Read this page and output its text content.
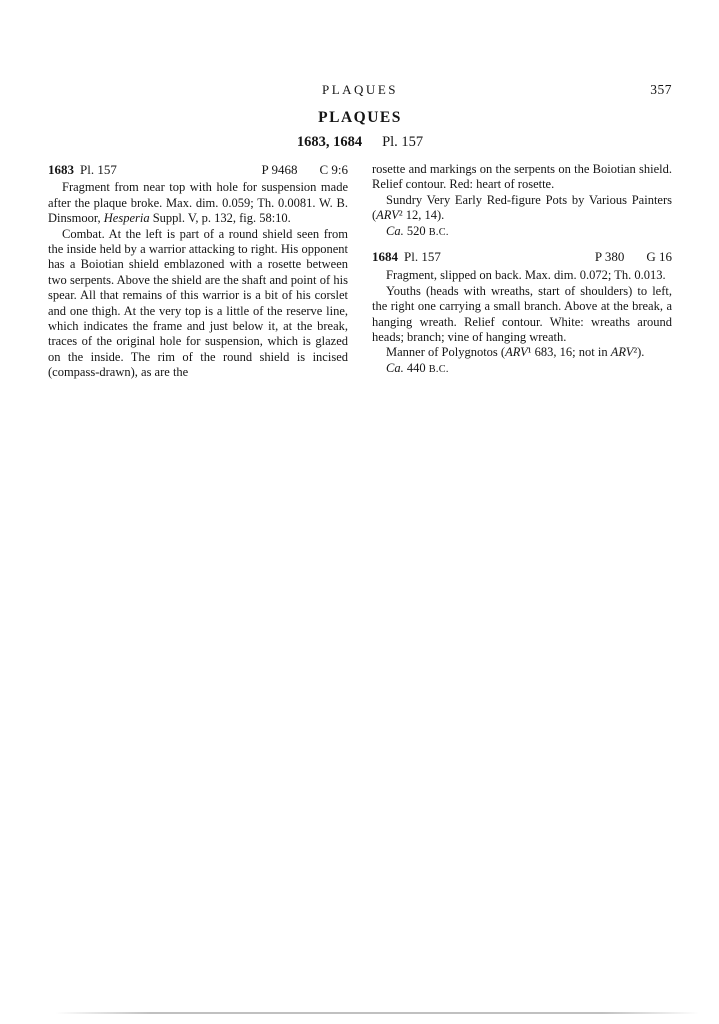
PLAQUES	357
PLAQUES
1683, 1684 Pl. 157
1683 Pl. 157	P 9468 C 9:6

Fragment from near top with hole for suspension made after the plaque broke. Max. dim. 0.059; Th. 0.0081. W. B. Dinsmoor, Hesperia Suppl. V, p. 132, fig. 58:10.

Combat. At the left is part of a round shield seen from the inside held by a warrior attacking to right. His opponent has a Boiotian shield emblazoned with a rosette between two serpents. Above the shield are the shaft and point of his spear. All that remains of this warrior is a bit of his corslet and one thigh. At the very top is a little of the reserve line, which indicates the frame and just below it, at the break, traces of the original hole for suspension, which is glazed on the inside. The rim of the round shield is incised (compass-drawn), as are the

rosette and markings on the serpents on the Boiotian shield. Relief contour. Red: heart of rosette.

Sundry Very Early Red-figure Pots by Various Painters (ARV² 12, 14).

Ca. 520 B.C.

1684 Pl. 157	P 380 G 16

Fragment, slipped on back. Max. dim. 0.072; Th. 0.013.

Youths (heads with wreaths, start of shoulders) to left, the right one carrying a small branch. Above at the break, a hanging wreath. Relief contour. White: wreaths around heads; branch; vine of hanging wreath.

Manner of Polygnotos (ARV¹ 683, 16; not in ARV²).

Ca. 440 B.C.
